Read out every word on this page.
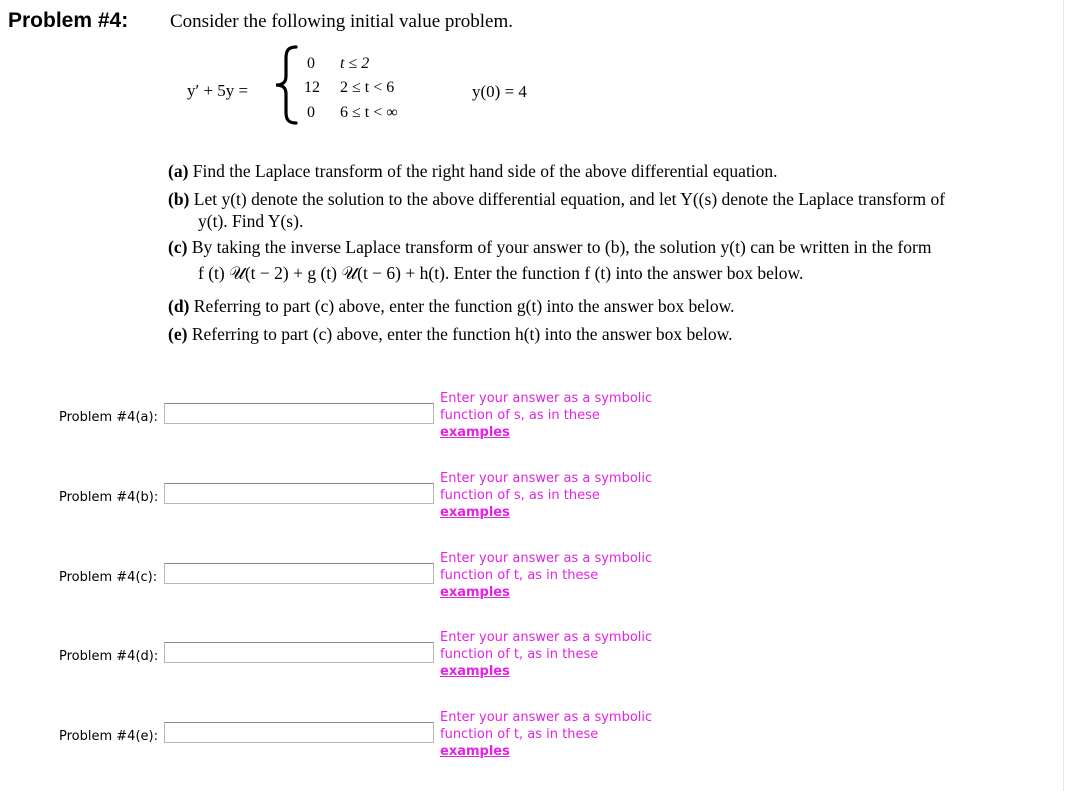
Problem #4: Consider the following initial value problem.
y′ + 5y =
0 t ≤ 2
12 2 ≤ t < 6
0 6 ≤ t < ∞
y(0) = 4
(a) Find the Laplace transform of the right hand side of the above differential equation.
(b) Let y(t) denote the solution to the above differential equation, and let Y((s) denote the Laplace transform of
y(t). Find Y(s).
(c) By taking the inverse Laplace transform of your answer to (b), the solution y(t) can be written in the form
f (t) 𝒰(t − 2) + g (t) 𝒰(t − 6) + h(t). Enter the function f (t) into the answer box below.
(d) Referring to part (c) above, enter the function g(t) into the answer box below.
(e) Referring to part (c) above, enter the function h(t) into the answer box below.
Problem #4(a):
Enter your answer as a symbolic
function of s, as in these
examples
Problem #4(b):
Enter your answer as a symbolic
function of s, as in these
examples
Problem #4(c):
Enter your answer as a symbolic
function of t, as in these
examples
Problem #4(d):
Enter your answer as a symbolic
function of t, as in these
examples
Problem #4(e):
Enter your answer as a symbolic
function of t, as in these
examples
